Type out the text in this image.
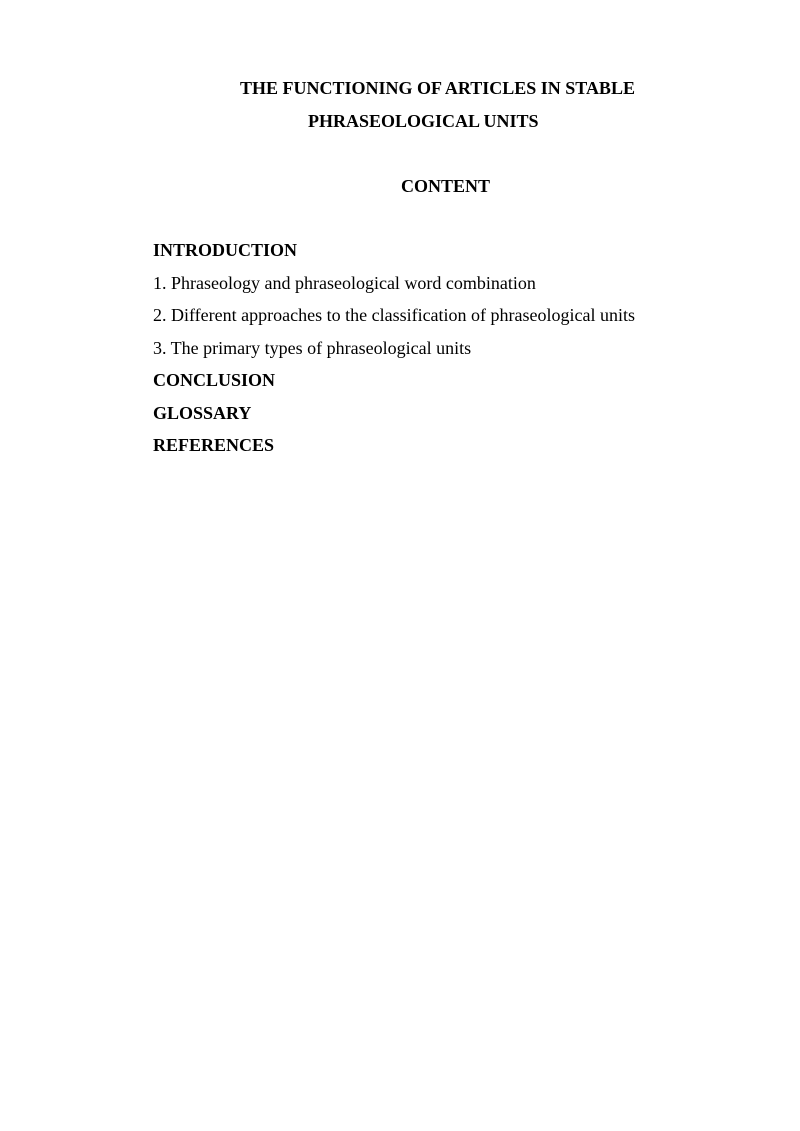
THE FUNCTIONING OF ARTICLES IN STABLE
PHRASEOLOGICAL UNITS
CONTENT
INTRODUCTION
1. Phraseology and phraseological word combination
2. Different approaches to the classification of phraseological units
3. The primary types of phraseological units
CONCLUSION
GLOSSARY
REFERENCES
